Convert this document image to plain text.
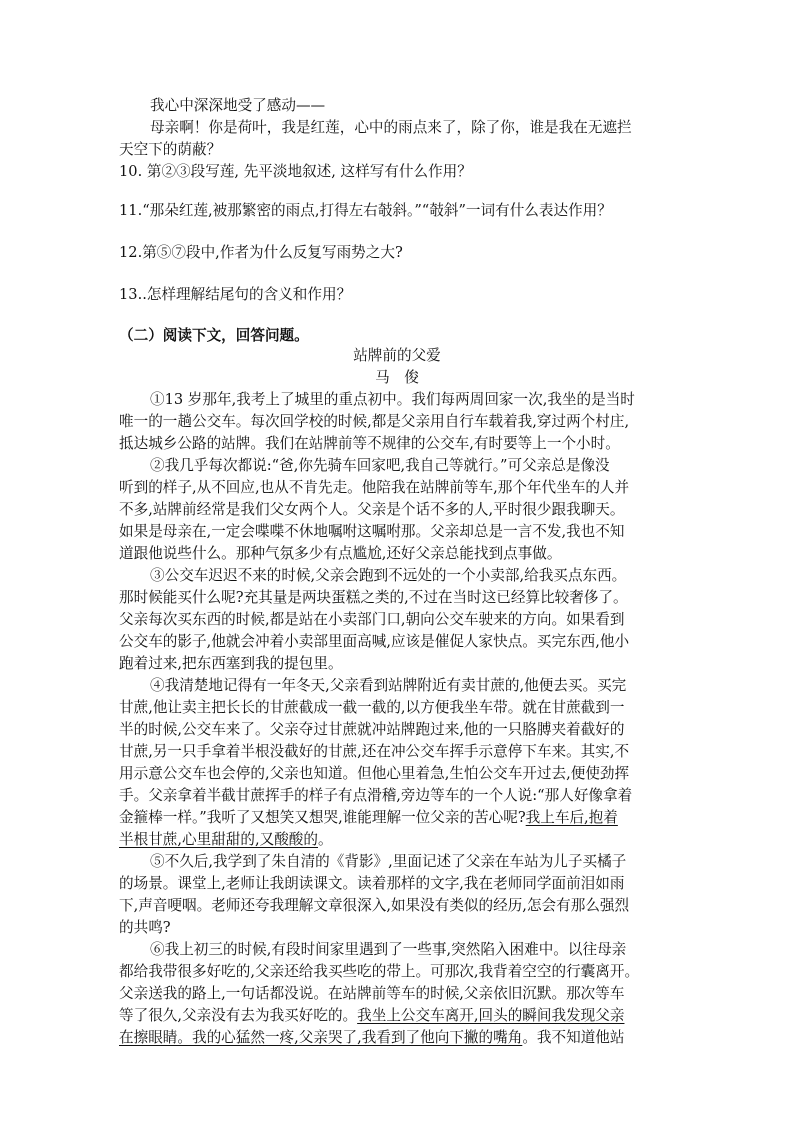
我心中深深地受了感动——
母亲啊！你是荷叶，我是红莲，心中的雨点来了，除了你，谁是我在无遮拦
天空下的荫蔽？
10. 第②③段写莲, 先平淡地叙述, 这样写有什么作用？
11.“那朵红莲,被那繁密的雨点,打得左右攲斜。”“攲斜”一词有什么表达作用？
12.第⑤⑦段中,作者为什么反复写雨势之大?
13..怎样理解结尾句的含义和作用？
（二）阅读下文，回答问题。
站牌前的父爱
马　俊
①13 岁那年,我考上了城里的重点初中。我们每两周回家一次,我坐的是当时
唯一的一趟公交车。每次回学校的时候,都是父亲用自行车载着我,穿过两个村庄,
抵达城乡公路的站牌。我们在站牌前等不规律的公交车,有时要等上一个小时。
②我几乎每次都说:“爸,你先骑车回家吧,我自己等就行。”可父亲总是像没
听到的样子,从不回应,也从不肯先走。他陪我在站牌前等车,那个年代坐车的人并
不多,站牌前经常是我们父女两个人。父亲是个话不多的人,平时很少跟我聊天。
如果是母亲在,一定会喋喋不休地嘱咐这嘱咐那。父亲却总是一言不发,我也不知
道跟他说些什么。那种气氛多少有点尴尬,还好父亲总能找到点事做。
③公交车迟迟不来的时候,父亲会跑到不远处的一个小卖部,给我买点东西。
那时候能买什么呢?充其量是两块蛋糕之类的,不过在当时这已经算比较奢侈了。
父亲每次买东西的时候,都是站在小卖部门口,朝向公交车驶来的方向。如果看到
公交车的影子,他就会冲着小卖部里面高喊,应该是催促人家快点。买完东西,他小
跑着过来,把东西塞到我的提包里。
④我清楚地记得有一年冬天,父亲看到站牌附近有卖甘蔗的,他便去买。买完
甘蔗,他让卖主把长长的甘蔗截成一截一截的,以方便我坐车带。就在甘蔗截到一
半的时候,公交车来了。父亲夺过甘蔗就冲站牌跑过来,他的一只胳膊夹着截好的
甘蔗,另一只手拿着半根没截好的甘蔗,还在冲公交车挥手示意停下车来。其实,不
用示意公交车也会停的,父亲也知道。但他心里着急,生怕公交车开过去,便使劲挥
手。父亲拿着半截甘蔗挥手的样子有点滑稽,旁边等车的一个人说:“那人好像拿着
金箍棒一样。”我听了又想笑又想哭,谁能理解一位父亲的苦心呢?我上车后,抱着
半根甘蔗,心里甜甜的,又酸酸的。
⑤不久后,我学到了朱自清的《背影》,里面记述了父亲在车站为儿子买橘子
的场景。课堂上,老师让我朗读课文。读着那样的文字,我在老师同学面前泪如雨
下,声音哽咽。老师还夸我理解文章很深入,如果没有类似的经历,怎会有那么强烈
的共鸣?
⑥我上初三的时候,有段时间家里遇到了一些事,突然陷入困难中。以往母亲
都给我带很多好吃的,父亲还给我买些吃的带上。可那次,我背着空空的行囊离开。
父亲送我的路上,一句话都没说。在站牌前等车的时候,父亲依旧沉默。那次等车
等了很久,父亲没有去为我买好吃的。我坐上公交车离开,回头的瞬间我发现父亲
在擦眼睛。我的心猛然一疼,父亲哭了,我看到了他向下撇的嘴角。我不知道他站
